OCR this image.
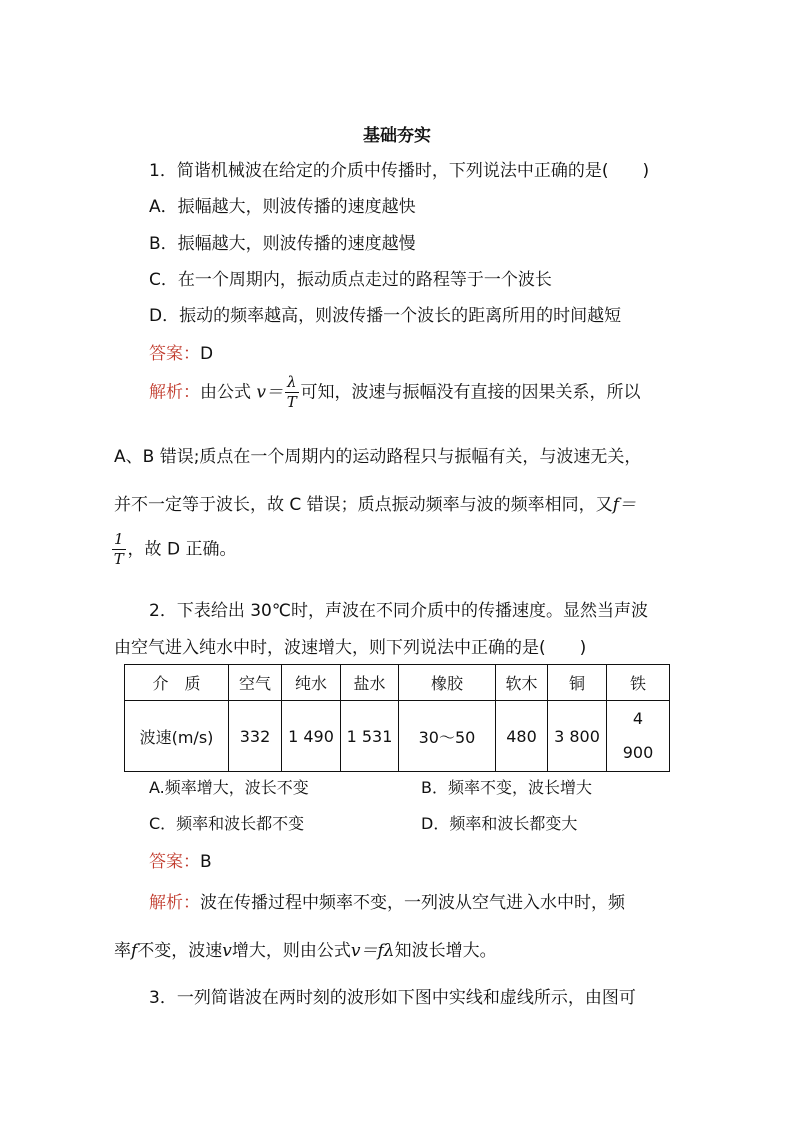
基础夯实
1．简谐机械波在给定的介质中传播时，下列说法中正确的是(　　)
A．振幅越大，则波传播的速度越快
B．振幅越大，则波传播的速度越慢
C．在一个周期内，振动质点走过的路程等于一个波长
D．振动的频率越高，则波传播一个波长的距离所用的时间越短
答案：D
解析：由公式 $v= \frac{\lambda}{T}$ 可知，波速与振幅没有直接的因果关系，所以
A、B 错误;质点在一个周期内的运动路程只与振幅有关，与波速无关，
并不一定等于波长，故 C 错误；质点振动频率与波的频率相同，又f＝
$\frac{1}{T}$ ，故 D 正确。
2．下表给出 30℃时，声波在不同介质中的传播速度。显然当声波
由空气进入纯水中时，波速增大，则下列说法中正确的是(　　)
介　质	空气	纯水	盐水	橡胶	软木	铜	铁
波速(m/s)	332	1 490	1 531	30～50	480	3 800	4
900
A.频率增大，波长不变	B．频率不变，波长增大
C．频率和波长都不变	D．频率和波长都变大
答案：B
解析：波在传播过程中频率不变，一列波从空气进入水中时，频
率f不变，波速v增大，则由公式v＝fλ知波长增大。
3．一列简谐波在两时刻的波形如下图中实线和虚线所示，由图可
